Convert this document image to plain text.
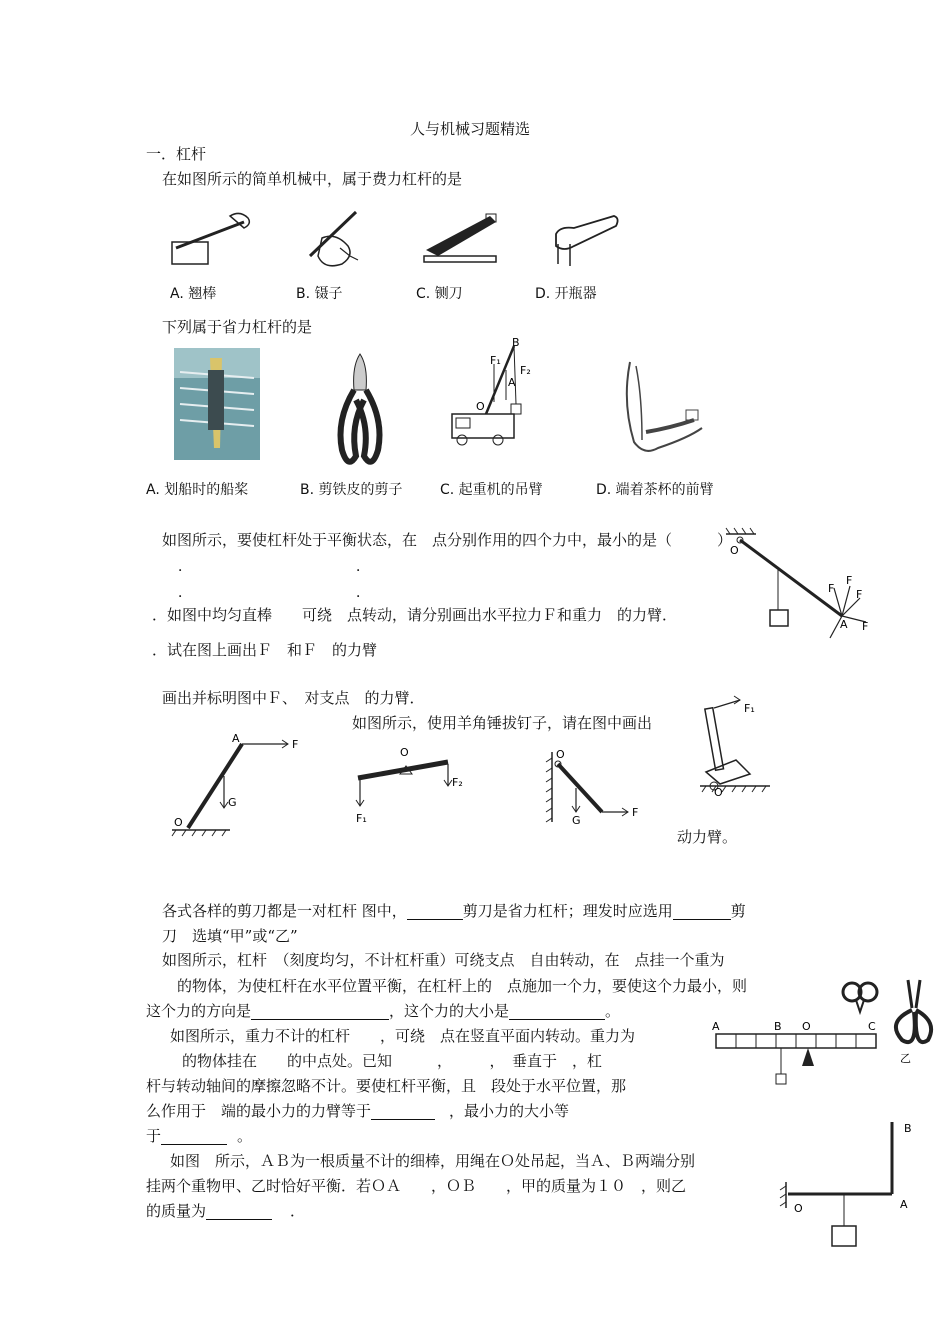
人与机械习题精选
一．杠杆
在如图所示的简单机械中，属于费力杠杆的是
A. 翘棒	B. 镊子	C. 铡刀	D. 开瓶器
下列属于省力杠杆的是
B
F₁
F₂
A
O
A. 划船时的船桨	B. 剪铁皮的剪子	C. 起重机的吊臂	D. 端着茶杯的前臂
如图所示，要使杠杆处于平衡状态，在　点分别作用的四个力中，最小的是（　　　）
．	．
．	．
O
F
F
F
F
A
．如图中均匀直棒　　可绕　点转动，请分别画出水平拉力Ｆ和重力　的力臂．
．试在图上画出Ｆ　和Ｆ　的力臂
画出并标明图中Ｆ、　对支点　的力臂．
如图所示，使用羊角锤拔钉子，请在图中画出
A	F
O
G
O
F₂
F₁
O
G
F
F₁
O
动力臂。
各式各样的剪刀都是一对杠杆 图中，	剪刀是省力杠杆；理发时应选用	剪
刀　选填“甲”或“乙”
如图所示，杠杆　（刻度均匀，不计杠杆重）可绕支点　自由转动，在　点挂一个重为
　的物体，为使杠杆在水平位置平衡，在杠杆上的　点施加一个力，要使这个力最小，则
这个力的方向是	，这个力的大小是	。
乙
如图所示，重力不计的杠杆　　，可绕　点在竖直平面内转动。重力为
的物体挂在　　的中点处。已知　　　，　　　，　垂直于　，杠
杆与转动轴间的摩擦忽略不计。要使杠杆平衡，且　段处于水平位置，那
么作用于　端的最小力的力臂等于	，最小力的大小等
于	。
A	B O	C
如图　所示，ＡＢ为一根质量不计的细棒，用绳在Ｏ处吊起，当Ａ、Ｂ两端分别
挂两个重物甲、乙时恰好平衡．若ＯＡ　　，ＯＢ　　，甲的质量为１０　，则乙
的质量为	．
B
O	A
